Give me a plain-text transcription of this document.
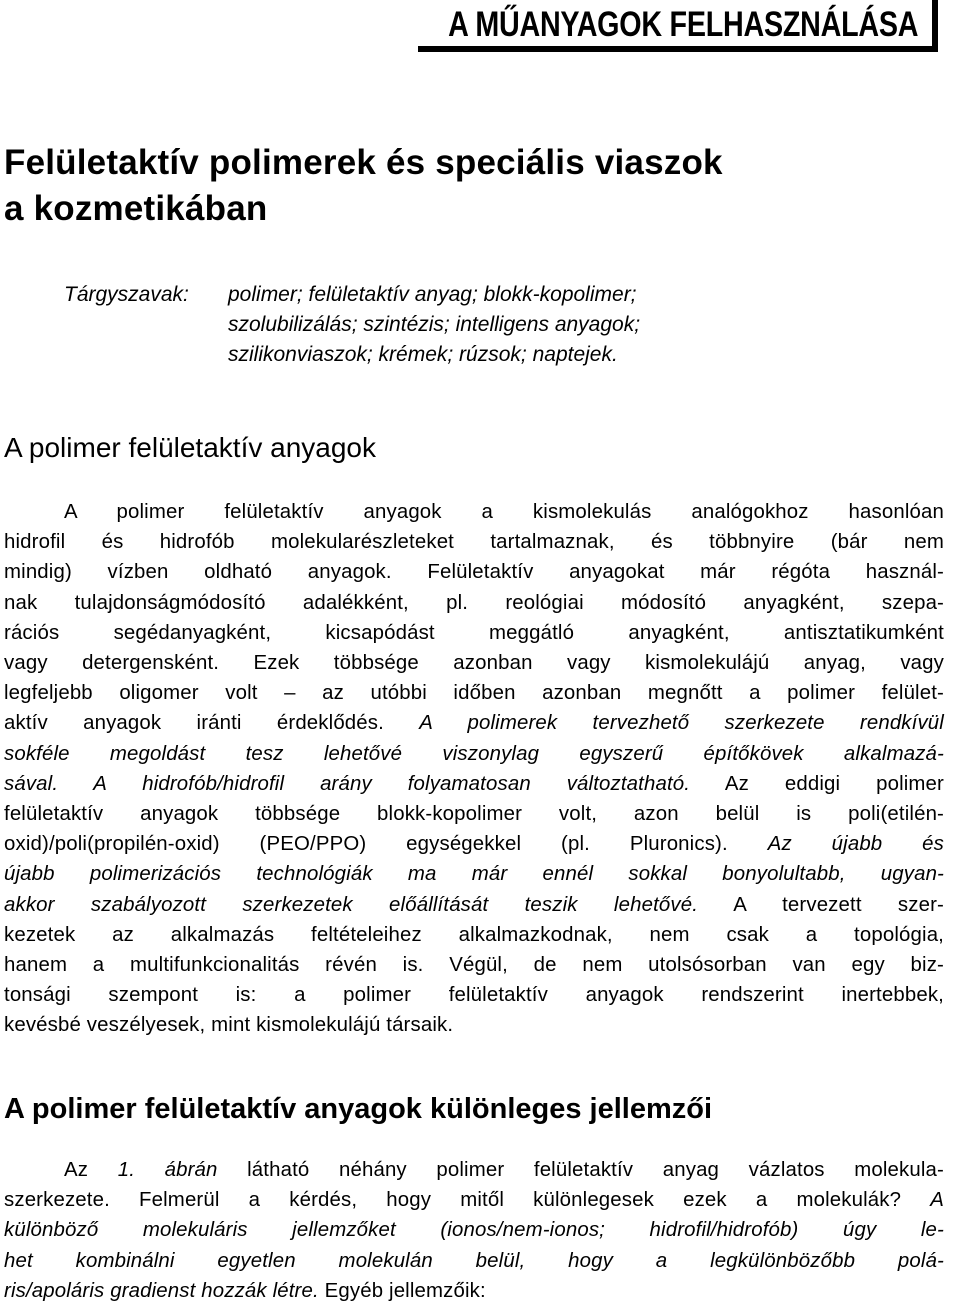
A MŰANYAGOK FELHASZNÁLÁSA
Felületaktív polimerek és speciális viaszok
a kozmetikában
Tárgyszavak:	polimer; felületaktív anyag; blokk-kopolimer;
szolubilizálás; szintézis; intelligens anyagok;
szilikonviaszok; krémek; rúzsok; naptejek.
A polimer felületaktív anyagok
A polimer felületaktív anyagok a kismolekulás analógokhoz hasonlóan
hidrofil és hidrofób molekularészleteket tartalmaznak, és többnyire (bár nem
mindig) vízben oldható anyagok. Felületaktív anyagokat már régóta használ-
nak tulajdonságmódosító adalékként, pl. reológiai módosító anyagként, szepa-
rációs segédanyagként, kicsapódást meggátló anyagként, antisztatikumként
vagy detergensként. Ezek többsége azonban vagy kismolekulájú anyag, vagy
legfeljebb oligomer volt – az utóbbi időben azonban megnőtt a polimer felület-
aktív anyagok iránti érdeklődés. A polimerek tervezhető szerkezete rendkívül
sokféle megoldást tesz lehetővé viszonylag egyszerű építőkövek alkalmazá-
sával. A hidrofób/hidrofil arány folyamatosan változtatható. Az eddigi polimer
felületaktív anyagok többsége blokk-kopolimer volt, azon belül is poli(etilén-
oxid)/poli(propilén-oxid) (PEO/PPO) egységekkel (pl. Pluronics). Az újabb és
újabb polimerizációs technológiák ma már ennél sokkal bonyolultabb, ugyan-
akkor szabályozott szerkezetek előállítását teszik lehetővé. A tervezett szer-
kezetek az alkalmazás feltételeihez alkalmazkodnak, nem csak a topológia,
hanem a multifunkcionalitás révén is. Végül, de nem utolsósorban van egy biz-
tonsági szempont is: a polimer felületaktív anyagok rendszerint inertebbek,
kevésbé veszélyesek, mint kismolekulájú társaik.
A polimer felületaktív anyagok különleges jellemzői
Az 1. ábrán látható néhány polimer felületaktív anyag vázlatos molekula-
szerkezete. Felmerül a kérdés, hogy mitől különlegesek ezek a molekulák? A
különböző molekuláris jellemzőket (ionos/nem-ionos; hidrofil/hidrofób) úgy le-
het kombinálni egyetlen molekulán belül, hogy a legkülönbözőbb polá-
ris/apoláris gradienst hozzák létre. Egyéb jellemzőik:
